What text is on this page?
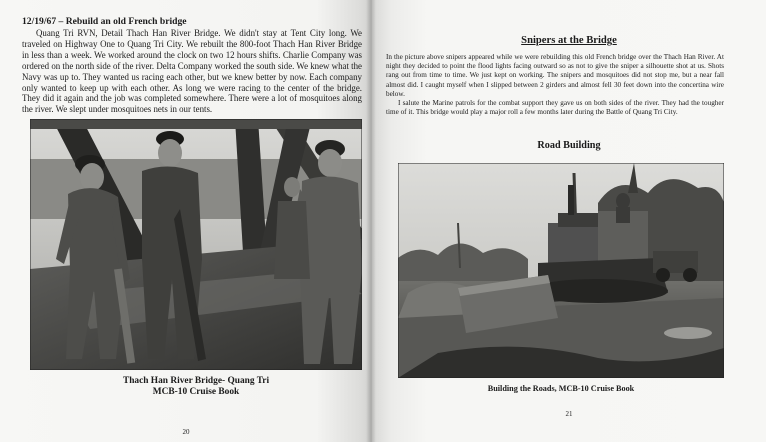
12/19/67 – Rebuild an old French bridge

Quang Tri RVN, Detail Thach Han River Bridge. We didn't stay at Tent City long. We traveled on Highway One to Quang Tri City. We rebuilt the 800-foot Thach Han River Bridge in less than a week. We worked around the clock on two 12 hours shifts. Charlie Company was ordered on the north side of the river. Delta Company worked the south side. We knew what the Navy was up to. They wanted us racing each other, but we knew better by now. Each company only wanted to keep up with each other. As long we were racing to the center of the bridge. They did it again and the job was completed somewhere. There were a lot of mosquitoes along the river. We slept under mosquitoes nets in our tents.

Thach Han River Bridge- Quang Tri
MCB-10 Cruise Book
20
Snipers at the Bridge

In the picture above snipers appeared while we were rebuilding this old French bridge over the Thach Han River. At night they decided to point the flood lights facing outward so as not to give the sniper a silhouette shot at us. Shots rang out from time to time. We just kept on working. The snipers and mosquitoes did not stop me, but a near fall almost did. I caught myself when I slipped between 2 girders and almost fell 30 feet down into the concertina wire below.

I salute the Marine patrols for the combat support they gave us on both sides of the river. They had the tougher time of it. This bridge would play a major roll a few months later during the Battle of Quang Tri City.

Road Building
Building the Roads, MCB-10 Cruise Book
21
